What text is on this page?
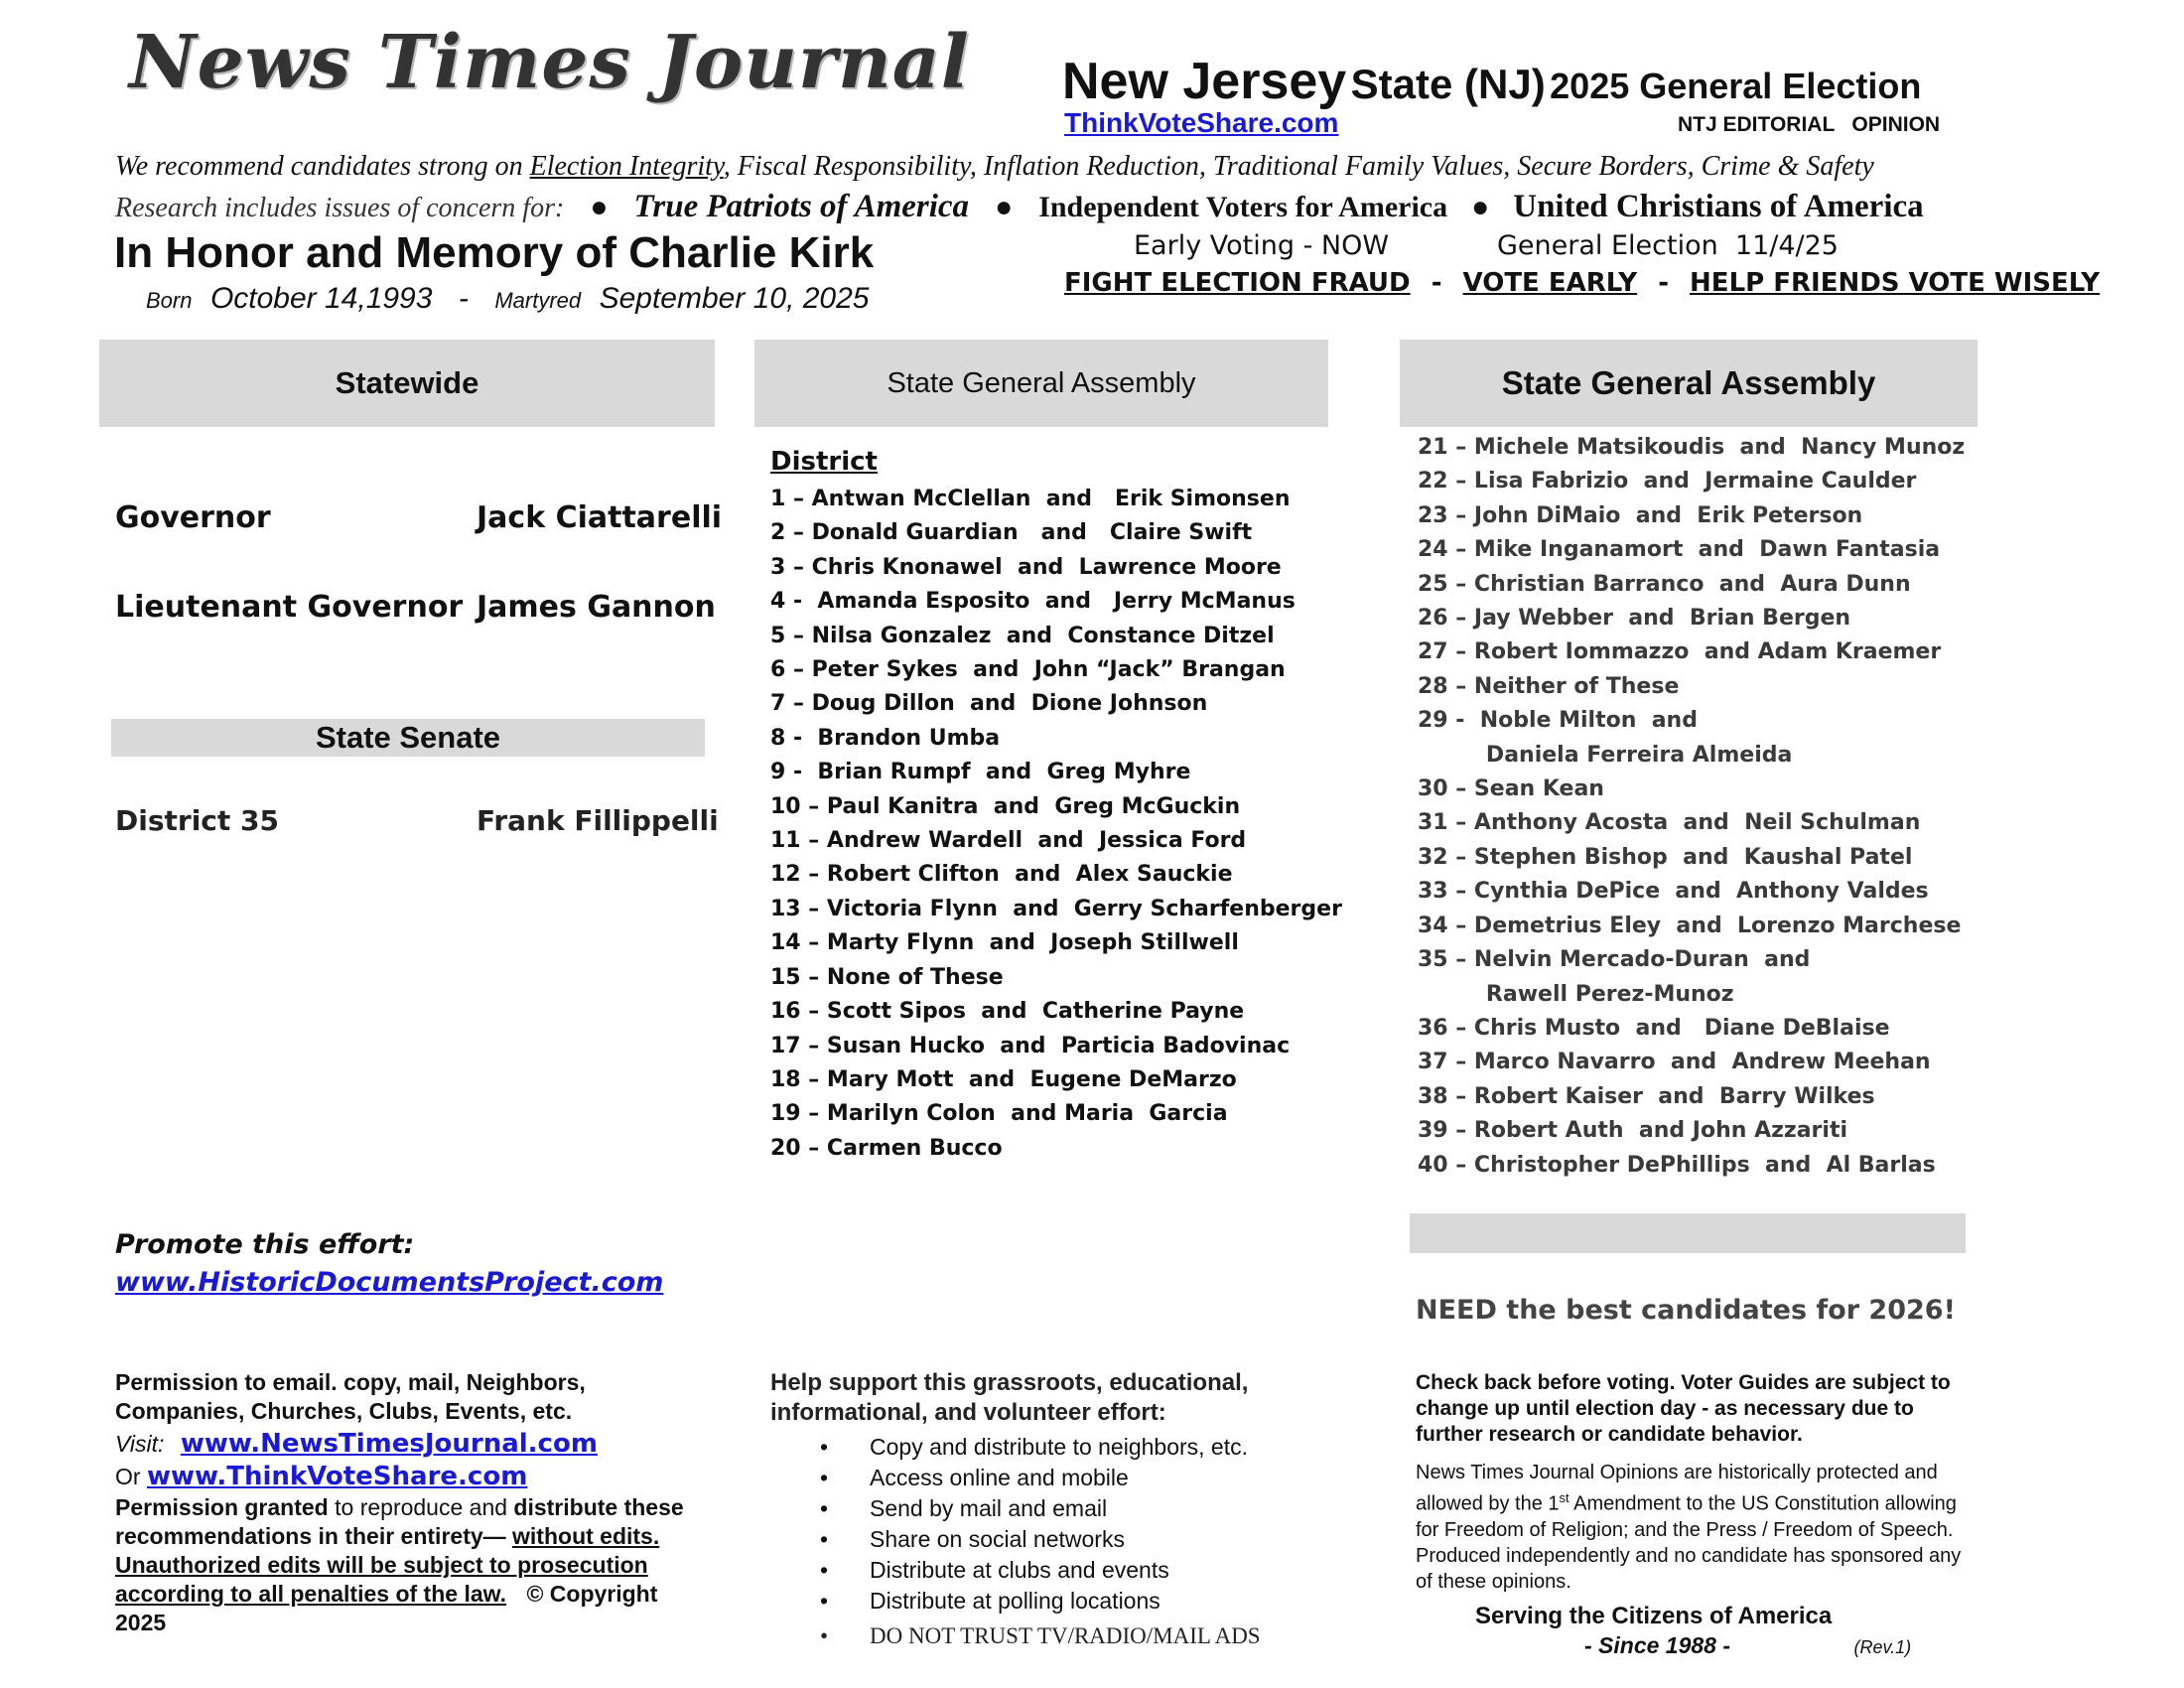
News Times Journal New Jersey State (NJ) 2025 General Election
ThinkVoteShare.com	NTJ EDITORIAL   OPINION
We recommend candidates strong on Election Integrity, Fiscal Responsibility, Inflation Reduction, Traditional Family Values, Secure Borders, Crime & Safety
Research includes issues of concern for: ● True Patriots of America ● Independent Voters for America ● United Christians of America
In Honor and Memory of Charlie Kirk
Born October 14,1993 - Martyred September 10, 2025
Early Voting - NOW	General Election  11/4/25
FIGHT ELECTION FRAUD - VOTE EARLY - HELP FRIENDS VOTE WISELY
Statewide	State General Assembly	State General Assembly
Governor	Jack Ciattarelli
Lieutenant Governor James Gannon
State Senate
District 35	Frank Fillippelli
Promote this effort:
www.HistoricDocumentsProject.com
District
1 – Antwan McClellan  and   Erik Simonsen
2 – Donald Guardian   and   Claire Swift
3 – Chris Knonawel  and  Lawrence Moore
4 -  Amanda Esposito  and   Jerry McManus
5 – Nilsa Gonzalez  and  Constance Ditzel
6 – Peter Sykes  and  John “Jack” Brangan
7 – Doug Dillon  and  Dione Johnson
8 -  Brandon Umba
9 -  Brian Rumpf  and  Greg Myhre
10 – Paul Kanitra  and  Greg McGuckin
11 – Andrew Wardell  and  Jessica Ford
12 – Robert Clifton  and  Alex Sauckie
13 – Victoria Flynn  and  Gerry Scharfenberger
14 – Marty Flynn  and  Joseph Stillwell
15 – None of These
16 – Scott Sipos  and  Catherine Payne
17 – Susan Hucko  and  Particia Badovinac
18 – Mary Mott  and  Eugene DeMarzo
19 – Marilyn Colon  and Maria  Garcia
20 – Carmen Bucco
21 – Michele Matsikoudis  and  Nancy Munoz
22 – Lisa Fabrizio  and  Jermaine Caulder
23 – John DiMaio  and  Erik Peterson
24 – Mike Inganamort  and  Dawn Fantasia
25 – Christian Barranco  and  Aura Dunn
26 – Jay Webber  and  Brian Bergen
27 – Robert Iommazzo  and Adam Kraemer
28 – Neither of These
29 -  Noble Milton  and
Daniela Ferreira Almeida
30 – Sean Kean
31 – Anthony Acosta  and  Neil Schulman
32 – Stephen Bishop  and  Kaushal Patel
33 – Cynthia DePice  and  Anthony Valdes
34 – Demetrius Eley  and  Lorenzo Marchese
35 – Nelvin Mercado-Duran  and
Rawell Perez-Munoz
36 – Chris Musto  and   Diane DeBlaise
37 – Marco Navarro  and  Andrew Meehan
38 – Robert Kaiser  and  Barry Wilkes
39 – Robert Auth  and John Azzariti
40 – Christopher DePhillips  and  Al Barlas
NEED the best candidates for 2026!
Permission to email. copy, mail, Neighbors, Companies, Churches, Clubs, Events, etc.
Visit: www.NewsTimesJournal.com
Or www.ThinkVoteShare.com
Permission granted to reproduce and distribute these recommendations in their entirety— without edits. Unauthorized edits will be subject to prosecution according to all penalties of the law. © Copyright 2025
Help support this grassroots, educational, informational, and volunteer effort:
• Copy and distribute to neighbors, etc.
• Access online and mobile
• Send by mail and email
• Share on social networks
• Distribute at clubs and events
• Distribute at polling locations
• DO NOT TRUST TV/RADIO/MAIL ADS
Check back before voting. Voter Guides are subject to change up until election day - as necessary due to further research or candidate behavior.
News Times Journal Opinions are historically protected and allowed by the 1st Amendment to the US Constitution allowing for Freedom of Religion; and the Press / Freedom of Speech. Produced independently and no candidate has sponsored any of these opinions.
Serving the Citizens of America
- Since 1988 -	(Rev.1)
